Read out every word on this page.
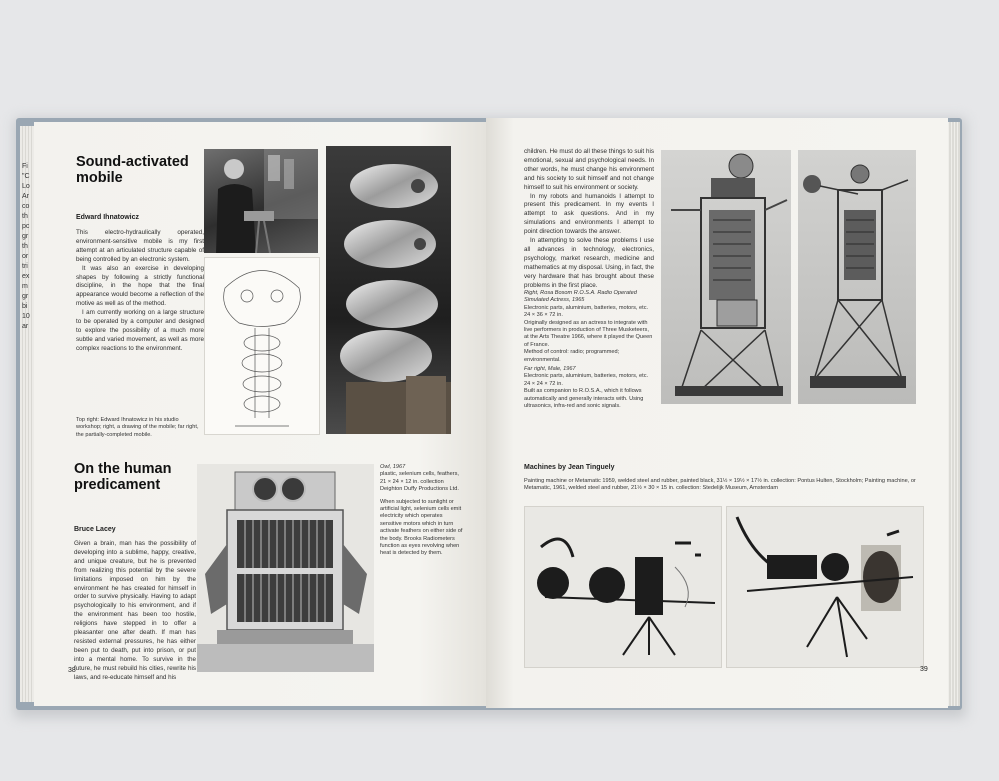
Fi
"C
Lo
Ar
co
th
pc
gr
th
or
tri
ex
m
gr
bi
10
ar
Sound-activated mobile
Edward Ihnatowicz

This electro-hydraulically operated, environment-sensitive mobile is my first attempt at an articulated structure capable of being controlled by an electronic system.

It was also an exercise in developing shapes by following a strictly functional discipline, in the hope that the final appearance would become a reflection of the motive as well as of the method.

I am currently working on a large structure to be operated by a computer and designed to explore the possibility of a much more subtle and varied movement, as well as more complex reactions to the environment.

Top right: Edward Ihnatowicz in his studio workshop; right, a drawing of the mobile; far right, the partially-completed mobile.
On the human predicament
Bruce Lacey
Given a brain, man has the possibility of developing into a sublime, happy, creative, and unique creature, but he is prevented from realizing this potential by the severe limitations imposed on him by the environment he has created for himself in order to survive physically. Having to adapt psychologically to his environment, and if the environment has been too hostile, religions have stepped in to offer a pleasanter one after death. If man has resisted external pressures, he has either been put to death, put into prison, or put into a mental home. To survive in the future, he must rebuild his cities, rewrite his laws, and re-educate himself and his
Owl, 1967
plastic, selenium cells, feathers, 21 × 24 × 12 in. collection Deighton Duffy Productions Ltd.
When subjected to sunlight or artificial light, selenium cells emit electricity which operates sensitive motors which in turn activate feathers on either side of the body. Brooks Radiometers function as eyes revolving when heat is detected by them.
38

children. He must do all these things to suit his emotional, sexual and psychological needs. In other words, he must change his environment and his society to suit himself and not change himself to suit his environment or society.

In my robots and humanoids I attempt to present this predicament. In my events I attempt to ask questions. And in my simulations and environments I attempt to point direction towards the answer.

In attempting to solve these problems I use all advances in technology, electronics, psychology, market research, medicine and mathematics at my disposal. Using, in fact, the very hardware that has brought about these problems in the first place.

Right, Rosa Bosom R.O.S.A. Radio Operated Simulated Actress, 1965
Electronic parts, aluminium, batteries, motors, etc. 24 × 36 × 72 in.
Originally designed as an actress to integrate with live performers in production of Three Musketeers, at the Arts Theatre 1966, where it played the Queen of France.
Method of control: radio; programmed; environmental.
Far right, Male, 1967
Electronic parts, aluminium, batteries, motors, etc. 24 × 24 × 72 in.
Built as companion to R.O.S.A., which it follows automatically and generally interacts with. Using ultrasonics, infra-red and sonic signals.
Machines by Jean Tinguely
Painting machine or Metamatic 1959, welded steel and rubber, painted black, 31½ × 19½ × 17½ in. collection: Pontus Hulten, Stockholm; Painting machine, or Metamatic, 1961, welded steel and rubber, 21½ × 30 × 15 in. collection: Stedelijk Museum, Amsterdam
39
